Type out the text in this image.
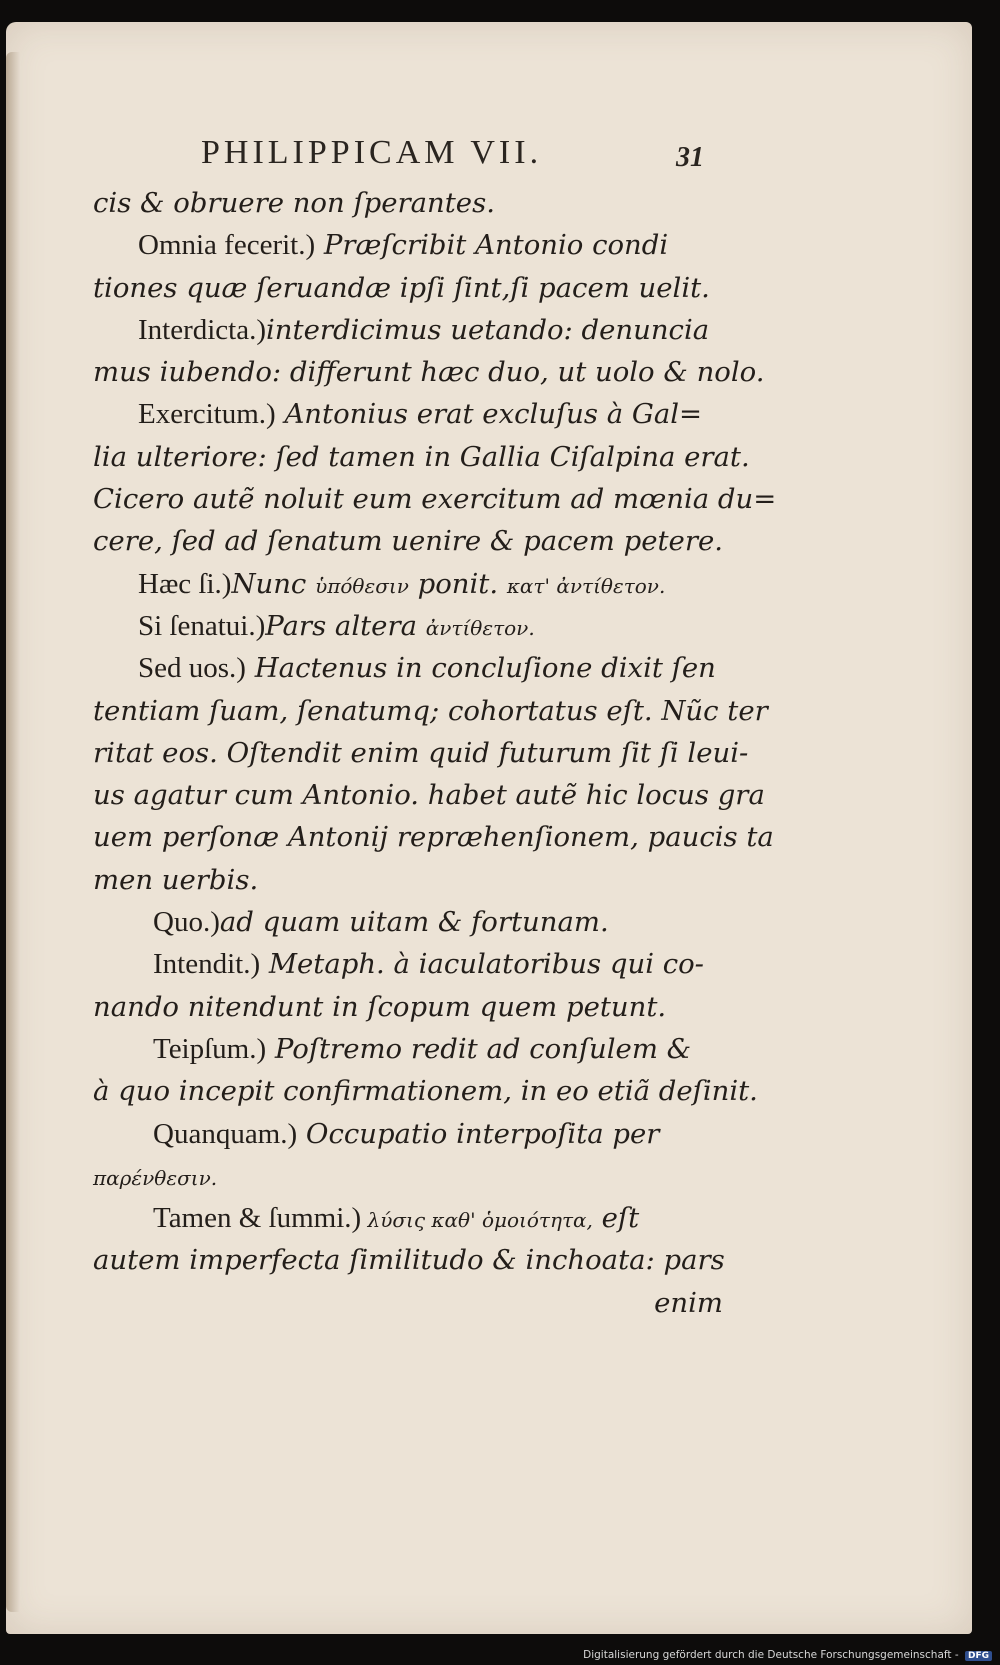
PHILIPPICAM VII.	31
cis & obruere non ſperantes.
Omnia fecerit.) Præſcribit Antonio condi
tiones quæ ſeruandæ ipſi ſint,ſi pacem uelit.
Interdicta.)interdicimus uetando: denuncia
mus iubendo: differunt hæc duo, ut uolo & nolo.
Exercitum.) Antonius erat excluſus à Gal=
lia ulteriore: ſed tamen in Gallia Ciſalpina erat.
Cicero autẽ noluit eum exercitum ad mœnia du=
cere, ſed ad ſenatum uenire & pacem petere.
Hæc ſi.)Nunc ὑπόθεσιν ponit. κατ' ἀντίθετον.
Si ſenatui.)Pars altera ἀντίθετον.
Sed uos.) Hactenus in concluſione dixit ſen
tentiam ſuam, ſenatumq; cohortatus eſt. Nũc ter
ritat eos. Oſtendit enim quid futurum ſit ſi leui-
us agatur cum Antonio. habet autẽ hic locus gra
uem perſonæ Antonij repræhenſionem, paucis ta
men uerbis.
Quo.)ad quam uitam & fortunam.
Intendit.) Metaph. à iaculatoribus qui co-
nando nitendunt in ſcopum quem petunt.
Teipſum.) Poſtremo redit ad conſulem &
à quo incepit confirmationem, in eo etiã deſinit.
Quanquam.) Occupatio interpoſita per
παρένθεσιν.
Tamen & ſummi.) λύσις καθ' ὁμοιότητα, eſt
autem imperfecta ſimilitudo & inchoata: pars
enim
Digitalisierung gefördert durch die Deutsche Forschungsgemeinschaft - DFG
